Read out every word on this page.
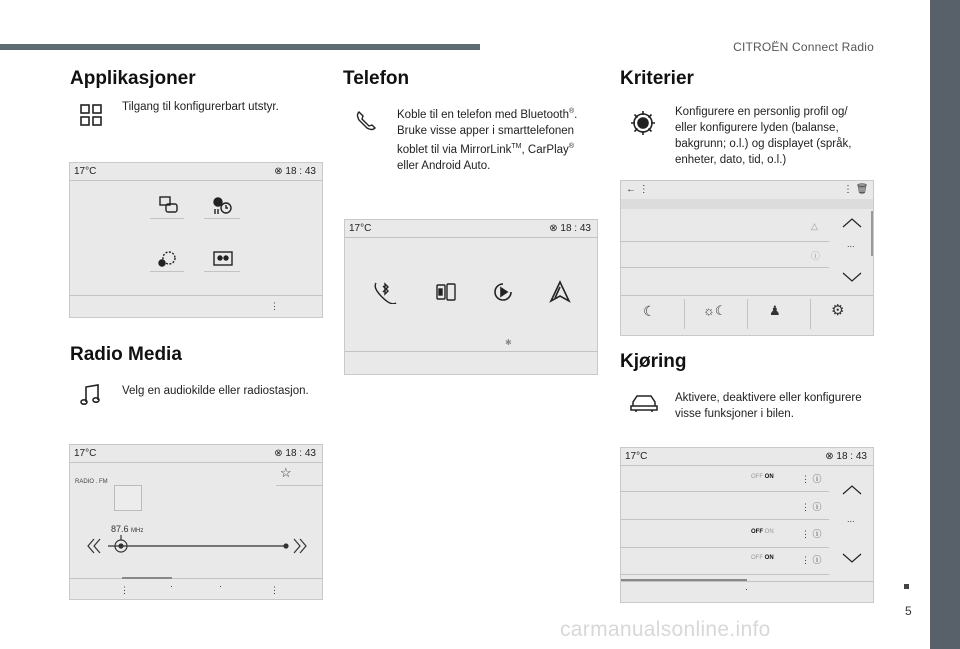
CITROËN Connect Radio
5
carmanualsonline.info
Applikasjoner
Tilgang til konfigurerbart utstyr.
17°C	⊗ 18 : 43
⋮
Radio Media
Velg en audiokilde eller radiostasjon.
17°C	⊗ 18 : 43
☆
RADIO . FM
87.6 MHz
⋮	·	·	⋮
Telefon
Koble til en telefon med Bluetooth®.
Bruke visse apper i smarttelefonen
koblet til via MirrorLink™, CarPlay®
eller Android Auto.
17°C	⊗ 18 : 43
✱
Kriterier
Konfigurere en personlig profil og/
eller konfigurere lyden (balanse,
bakgrunn; o.l.) og displayet (språk,
enheter, dato, tid, o.l.)
← ⋮	⋮ 🗑
△
ⓘ
...
☾	☼☾	♟	⚙
Kjøring
Aktivere, deaktivere eller konfigurere
visse funksjoner i bilen.
17°C	⊗ 18 : 43
OFF ON	⋮ ⓘ
⋮ ⓘ
OFF ON	⋮ ⓘ
OFF ON	⋮ ⓘ
...
·
